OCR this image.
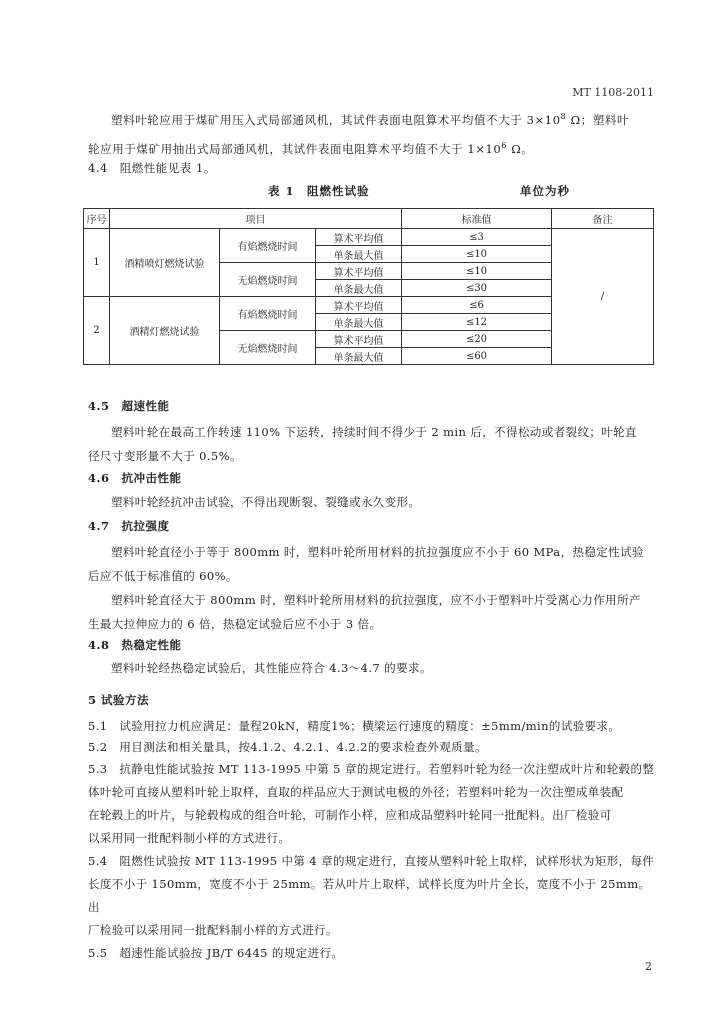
MT 1108-2011

塑料叶轮应用于煤矿用压入式局部通风机，其试件表面电阻算术平均值不大于 $3\times 10^8$ Ω；塑料叶

轮应用于煤矿用抽出式局部通风机，其试件表面电阻算术平均值不大于 $1\times 10^6$ Ω。
4.4　阻燃性能见表 1。
表 1　阻燃性试验	单位为秒
序号	项目			标准值	备注
1	酒精喷灯燃烧试验	有焰燃烧时间	算术平均值	≤3	/
			单条最大值	≤10	
		无焰燃烧时间	算术平均值	≤10	
			单条最大值	≤30	
2	酒精灯燃烧试验	有焰燃烧时间	算术平均值	≤6	
			单条最大值	≤12	
		无焰燃烧时间	算术平均值	≤20	
			单条最大值	≤60	
4.5　超速性能

塑料叶轮在最高工作转速 110% 下运转，持续时间不得少于 2 min 后，不得松动或者裂纹；叶轮直

径尺寸变形量不大于 0.5%。
4.6　抗冲击性能

塑料叶轮经抗冲击试验，不得出现断裂、裂缝或永久变形。

4.7　抗拉强度

塑料叶轮直径小于等于 800mm 时，塑料叶轮所用材料的抗拉强度应不小于 60 MPa，热稳定性试验

后应不低于标准值的 60%。

塑料叶轮直径大于 800mm 时，塑料叶轮所用材料的抗拉强度，应不小于塑料叶片受离心力作用所产

生最大拉伸应力的 6 倍，热稳定试验后应不小于 3 倍。
4.8　热稳定性能

塑料叶轮经热稳定试验后，其性能应符合 4.3～4.7 的要求。

5 试验方法
5.1　试验用拉力机应满足：量程20kN，精度1%；横梁运行速度的精度：±5mm/min的试验要求。
5.2　用目测法和相关量具，按4.1.2、4.2.1、4.2.2的要求检查外观质量。
5.3　抗静电性能试验按 MT 113-1995 中第 5 章的规定进行。若塑料叶轮为经一次注塑成叶片和轮毂的整
体叶轮可直接从塑料叶轮上取样，直取的样品应大于测试电极的外径；若塑料叶轮为一次注塑成单装配
在轮毂上的叶片，与轮毂构成的组合叶轮，可制作小样，应和成品塑料叶轮同一批配料。出厂检验可
以采用同一批配料制小样的方式进行。
5.4　阻燃性试验按 MT 113-1995 中第 4 章的规定进行，直接从塑料叶轮上取样，试样形状为矩形，每件
长度不小于 150mm，宽度不小于 25mm。若从叶片上取样，试样长度为叶片全长，宽度不小于 25mm。出
厂检验可以采用同一批配料制小样的方式进行。
5.5　超速性能试验按 JB/T 6445 的规定进行。
2
